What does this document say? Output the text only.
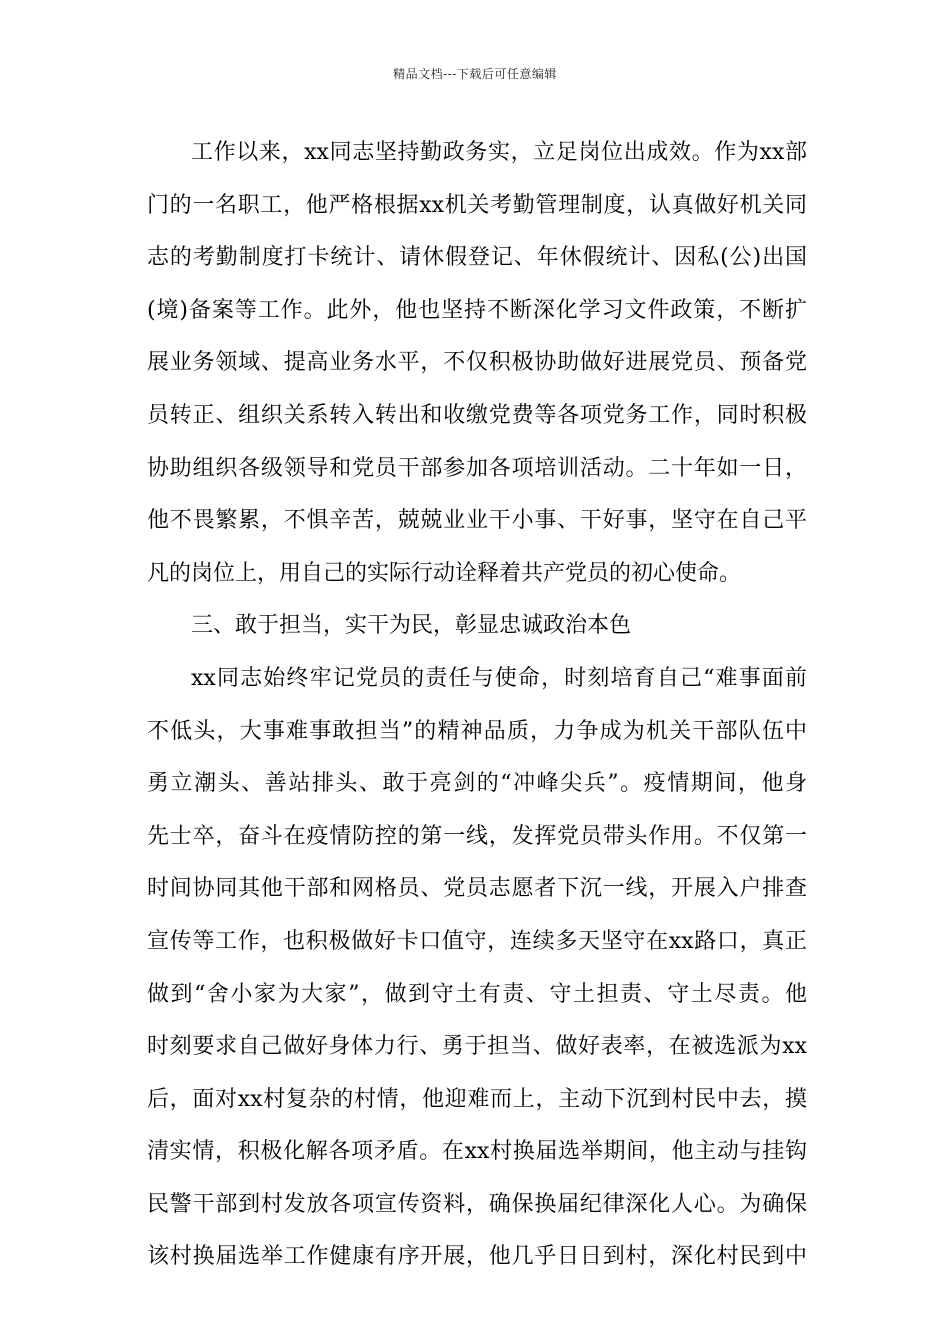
精品文档---下载后可任意编辑
工作以来，xx同志坚持勤政务实，立足岗位出成效。作为xx部
门的一名职工，他严格根据xx机关考勤管理制度，认真做好机关同
志的考勤制度打卡统计、请休假登记、年休假统计、因私(公)出国
(境)备案等工作。此外，他也坚持不断深化学习文件政策，不断扩
展业务领域、提高业务水平，不仅积极协助做好进展党员、预备党
员转正、组织关系转入转出和收缴党费等各项党务工作，同时积极
协助组织各级领导和党员干部参加各项培训活动。二十年如一日，
他不畏繁累，不惧辛苦，兢兢业业干小事、干好事，坚守在自己平
凡的岗位上，用自己的实际行动诠释着共产党员的初心使命。
三、敢于担当，实干为民，彰显忠诚政治本色
xx同志始终牢记党员的责任与使命，时刻培育自己“难事面前
不低头，大事难事敢担当”的精神品质，力争成为机关干部队伍中
勇立潮头、善站排头、敢于亮剑的“冲峰尖兵”。疫情期间，他身
先士卒，奋斗在疫情防控的第一线，发挥党员带头作用。不仅第一
时间协同其他干部和网格员、党员志愿者下沉一线，开展入户排查
宣传等工作，也积极做好卡口值守，连续多天坚守在xx路口，真正
做到“舍小家为大家”，做到守土有责、守土担责、守土尽责。他
时刻要求自己做好身体力行、勇于担当、做好表率，在被选派为xx
后，面对xx村复杂的村情，他迎难而上，主动下沉到村民中去，摸
清实情，积极化解各项矛盾。在xx村换届选举期间，他主动与挂钩
民警干部到村发放各项宣传资料，确保换届纪律深化人心。为确保
该村换届选举工作健康有序开展，他几乎日日到村，深化村民到中
